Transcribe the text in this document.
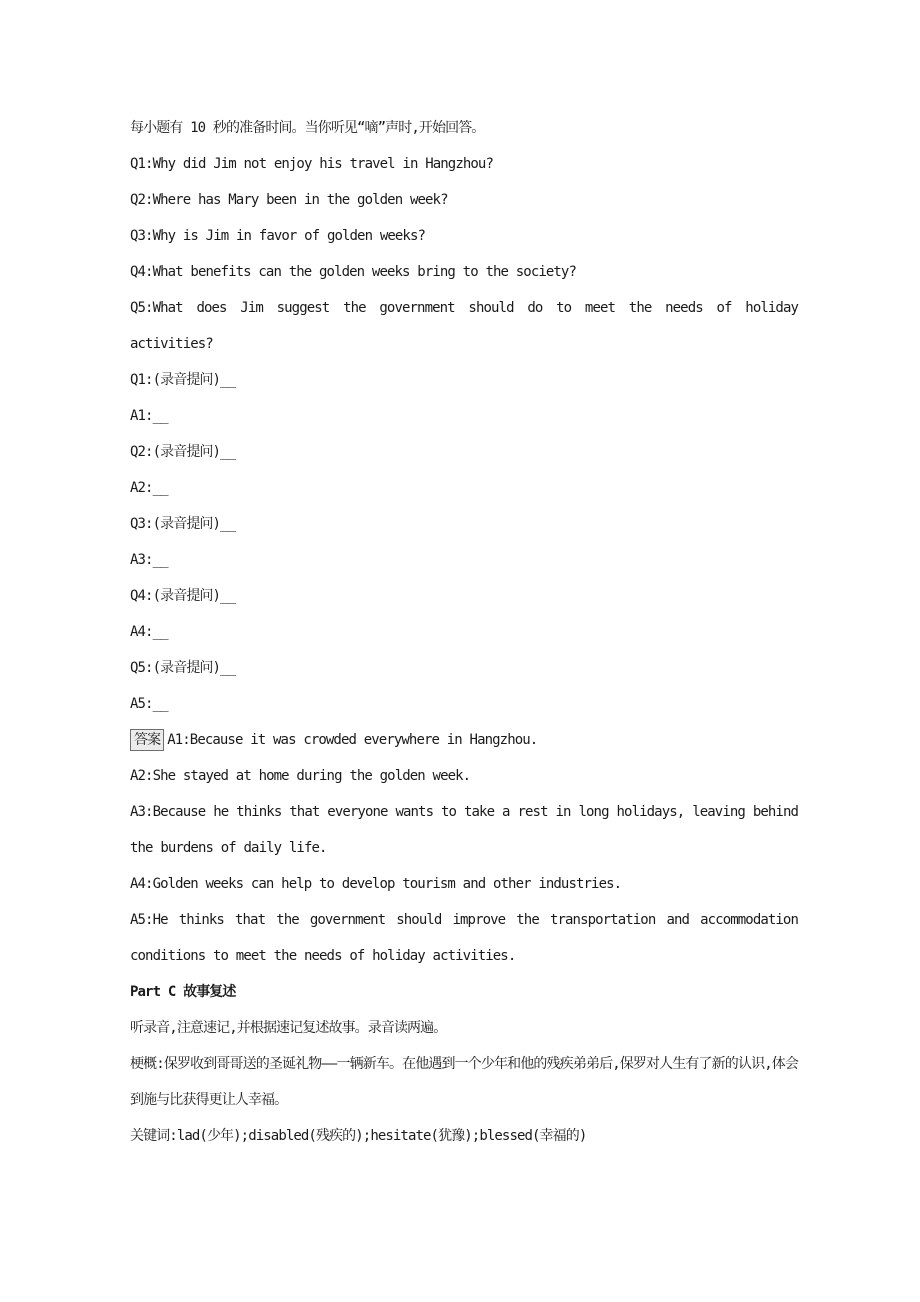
每小题有 10 秒的准备时间。当你听见“嘀”声时,开始回答。

Q1:Why did Jim not enjoy his travel in Hangzhou?

Q2:Where has Mary been in the golden week?

Q3:Why is Jim in favor of golden weeks?

Q4:What benefits can the golden weeks bring to the society?

Q5:What does Jim suggest the government should do to meet the needs of holiday activities?

Q1:(录音提问)__

A1:__

Q2:(录音提问)__

A2:__

Q3:(录音提问)__

A3:__

Q4:(录音提问)__

A4:__

Q5:(录音提问)__

A5:__

答案 A1:Because it was crowded everywhere in Hangzhou.

A2:She stayed at home during the golden week.

A3:Because he thinks that everyone wants to take a rest in long holidays, leaving behind the burdens of daily life.

A4:Golden weeks can help to develop tourism and other industries.

A5:He thinks that the government should improve the transportation and accommodation conditions to meet the needs of holiday activities.

Part C 故事复述

听录音,注意速记,并根据速记复述故事。录音读两遍。

梗概:保罗收到哥哥送的圣诞礼物——一辆新车。在他遇到一个少年和他的残疾弟弟后,保罗对人生有了新的认识,体会到施与比获得更让人幸福。

关键词:lad(少年);disabled(残疾的);hesitate(犹豫);blessed(幸福的)
